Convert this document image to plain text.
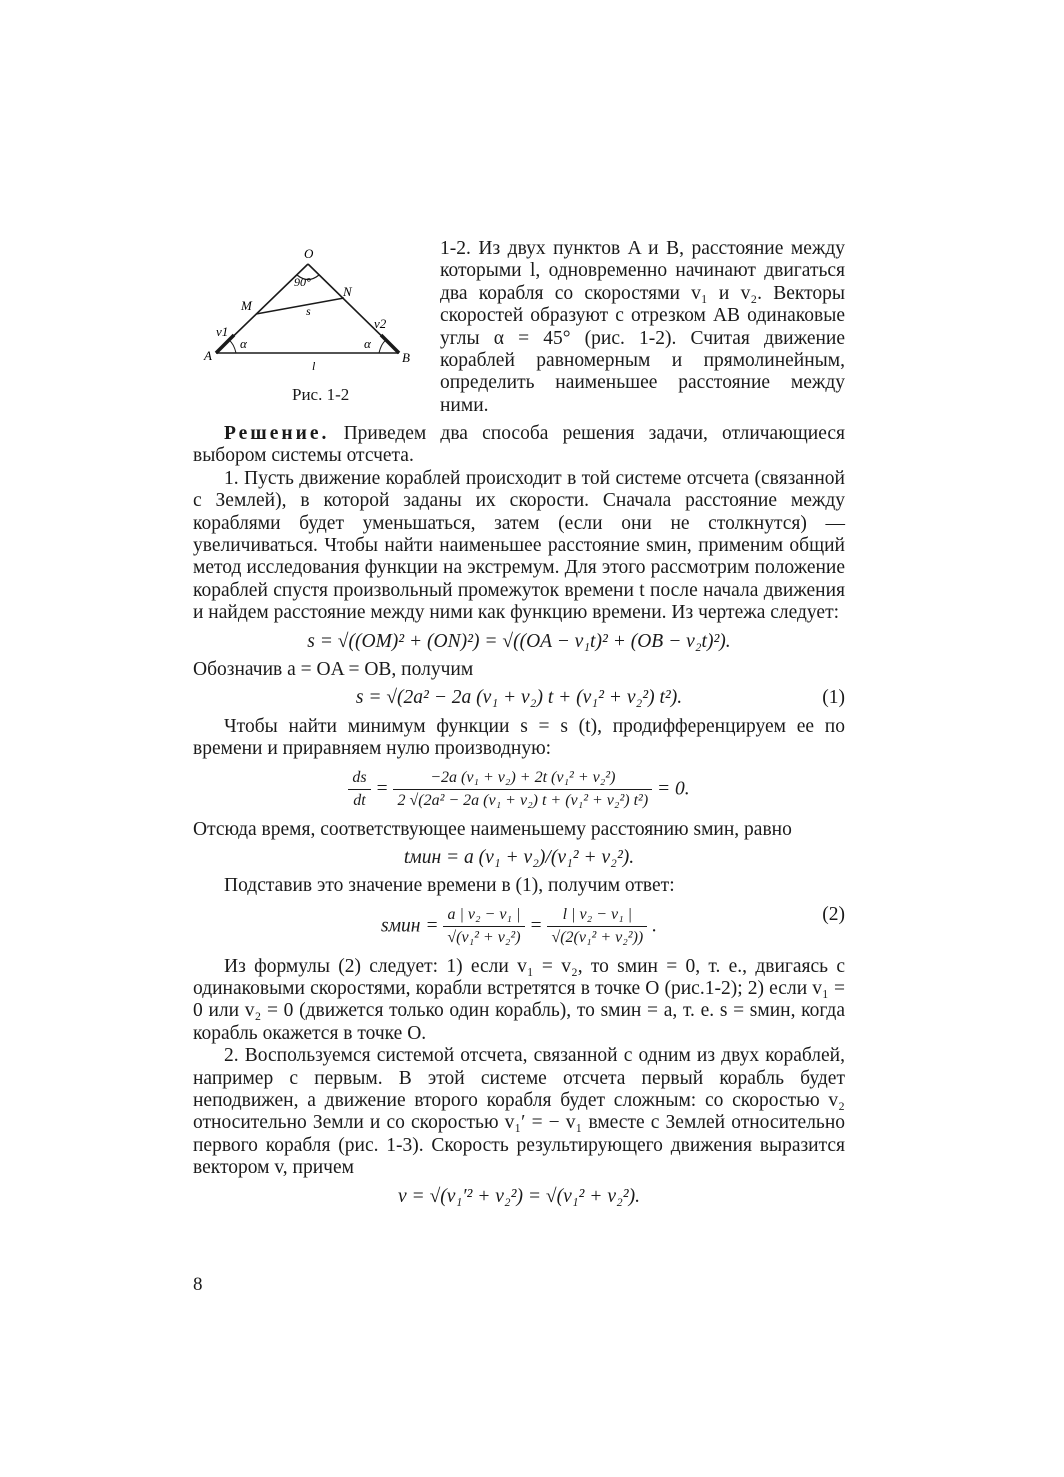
O
90°
M
N
s
v1
v2
α	α
A	B
l
Рис. 1-2

1-2. Из двух пунктов A и B, расстояние между которыми l, одновременно начинают двигаться два корабля со скоростями v₁ и v₂. Векторы скоростей образуют с отрезком AB одинаковые углы α = 45° (рис. 1-2). Считая движение кораблей равномерным и прямолинейным, определить наименьшее расстояние между ними.

Решение. Приведем два способа решения задачи, отличающиеся выбором системы отсчета.

1. Пусть движение кораблей происходит в той системе отсчета (связанной с Землей), в которой заданы их скорости. Сначала расстояние между кораблями будет уменьшаться, затем (если они не столкнутся) — увеличиваться. Чтобы найти наименьшее расстояние sмин, применим общий метод исследования функции на экстремум. Для этого рассмотрим положение кораблей спустя произвольный промежуток времени t после начала движения и найдем расстояние между ними как функцию времени. Из чертежа следует:

s = √((OM)² + (ON)²) = √((OA − v₁t)² + (OB − v₂t)²).

Обозначив a = OA = OB, получим

s = √(2a² − 2a (v₁ + v₂) t + (v₁² + v₂²) t²).	(1)

Чтобы найти минимум функции s = s (t), продифференцируем ее по времени и приравняем нулю производную:

$\frac{ds}{dt} = \frac{\text{−2a (v₁ + v₂) + 2t (v₁² + v₂²)}}{\text{2 √(2a² − 2a (v₁ + v₂) t + (v₁² + v₂²) t²)}} = 0$.

Отсюда время, соответствующее наименьшему расстоянию sмин, равно

tмин = a (v₁ + v₂)/(v₁² + v₂²).

Подставив это значение времени в (1), получим ответ:

sмин = $\frac{\text{a | v₂ − v₁ |}}{\text{√(v₁² + v₂²)}} = \frac{\text{l | v₂ − v₁ |}}{\text{√(2(v₁² + v₂²))}}$ .
(2)

Из формулы (2) следует: 1) если v₁ = v₂, то sмин = 0, т. е., двигаясь с одинаковыми скоростями, корабли встретятся в точке O (рис.1-2); 2) если v₁ = 0 или v₂ = 0 (движется только один корабль), то sмин = a, т. е. s = sмин, когда корабль окажется в точке O.

2. Воспользуемся системой отсчета, связанной с одним из двух кораблей, например с первым. В этой системе отсчета первый корабль будет неподвижен, а движение второго корабля будет сложным: со скоростью v₂ относительно Земли и со скоростью v₁′ = − v₁ вместе с Землей относительно первого корабля (рис. 1-3). Скорость результирующего движения выразится вектором v, причем

v = √(v₁′² + v₂²) = √(v₁² + v₂²).
8
